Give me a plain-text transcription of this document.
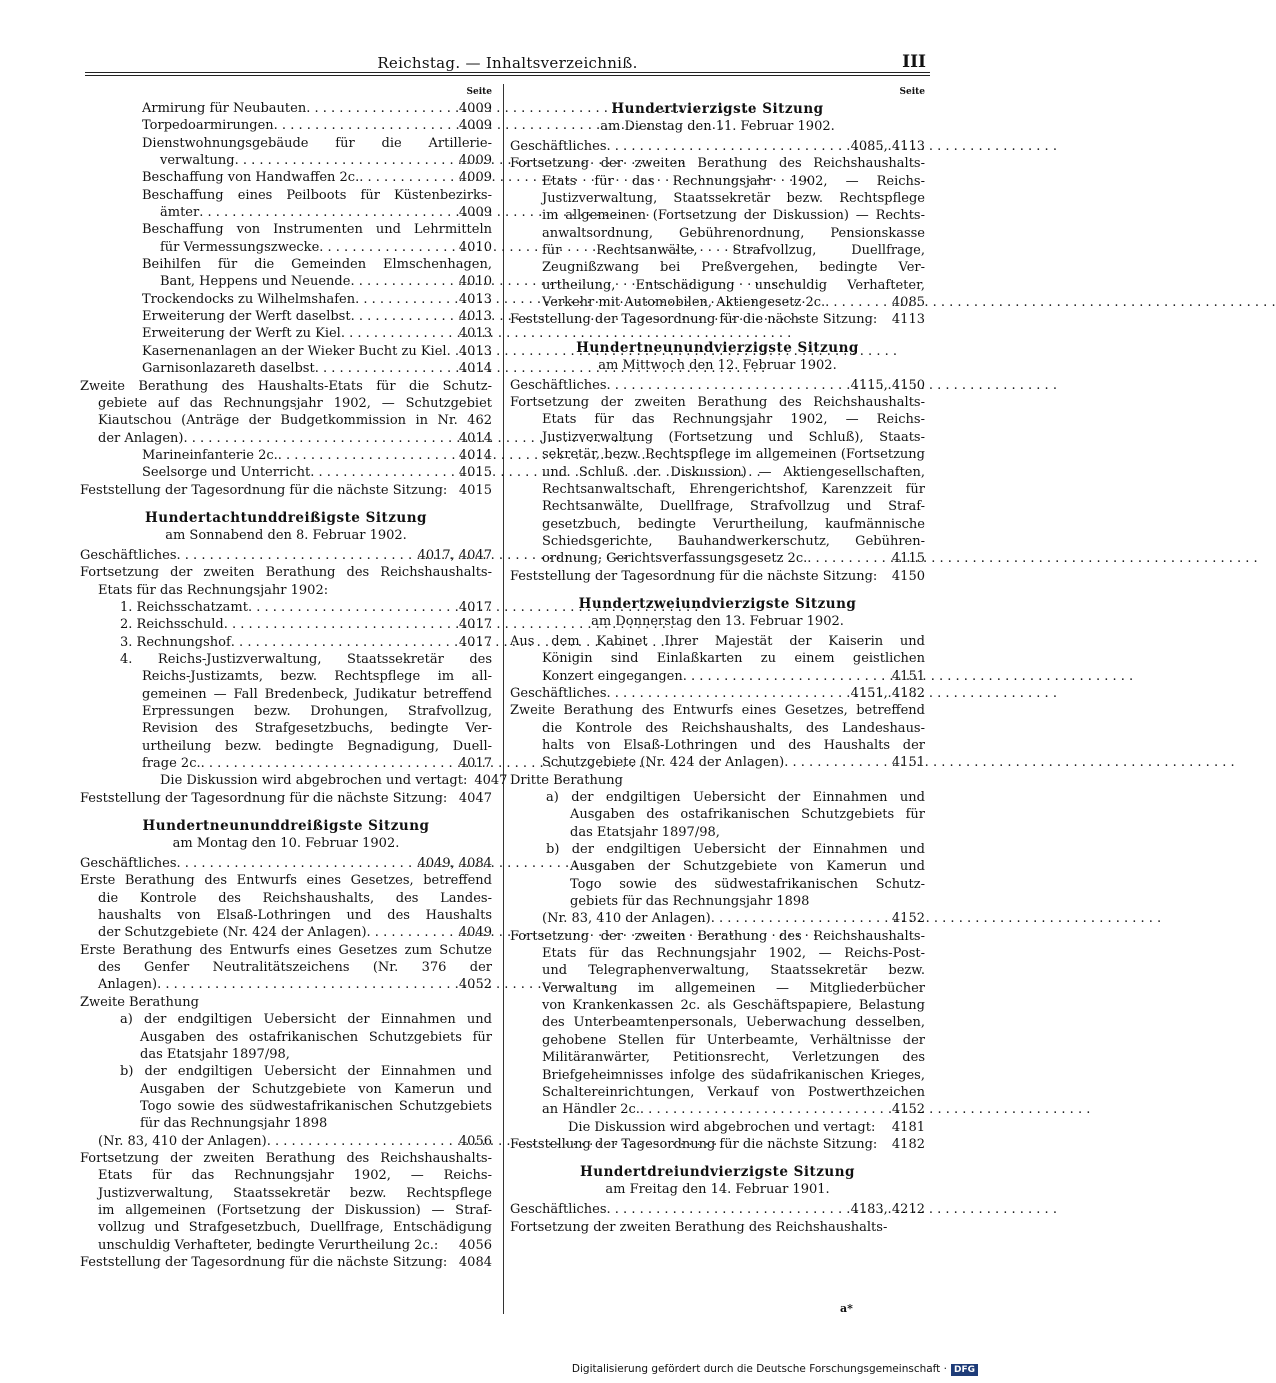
Reichstag. — Inhaltsverzeichniß.	III
Seite
Armirung für Neubauten . . .	4009
Torpedoarmirungen . . .	4009
Dienstwohnungsgebäude für die Artillerie-
verwaltung . . .	4009
Beschaffung von Handwaffen 2c. . . .	4009
Beschaffung eines Peilboots für Küstenbezirks-
ämter . . .	4009
Beschaffung von Instrumenten und Lehrmitteln
für Vermessungszwecke . . .	4010
Beihilfen für die Gemeinden Elmschenhagen,
Bant, Heppens und Neuende . . .	4010
Trockendocks zu Wilhelmshafen . . .	4013
Erweiterung der Werft daselbst . . .	4013
Erweiterung der Werft zu Kiel . . .	4013
Kasernenanlagen an der Wieker Bucht zu Kiel . . . 4013
Garnisonlazareth daselbst . . .	4014
Zweite Berathung des Haushalts-Etats für die Schutz-
gebiete auf das Rechnungsjahr 1902, — Schutzgebiet
Kiautschou (Anträge der Budgetkommission in Nr. 462
der Anlagen) . . .	4014
Marineinfanterie 2c. . . .	4014
Seelsorge und Unterricht . . .	4015
Feststellung der Tagesordnung für die nächste Sitzung: 4015
Hundertachtunddreißigste Sitzung
am Sonnabend den 8. Februar 1902.
Geschäftliches . . .	4017, 4047
Fortsetzung der zweiten Berathung des Reichshaushalts-
Etats für das Rechnungsjahr 1902:
1. Reichsschatzamt . . .	4017
2. Reichsschuld . . .	4017
3. Rechnungshof . . .	4017
4. Reichs-Justizverwaltung, Staatssekretär des
Reichs-Justizamts, bezw. Rechtspflege im all-
gemeinen — Fall Bredenbeck, Judikatur betreffend
Erpressungen bezw. Drohungen, Strafvollzug,
Revision des Strafgesetzbuchs, bedingte Ver-
urtheilung bezw. bedingte Begnadigung, Duell-
frage 2c. . . .	4017
Die Diskussion wird abgebrochen und vertagt: 4047
Feststellung der Tagesordnung für die nächste Sitzung: 4047
Hundertneununddreißigste Sitzung
am Montag den 10. Februar 1902.
Geschäftliches . . .	4049, 4084
Erste Berathung des Entwurfs eines Gesetzes, betreffend
die Kontrole des Reichshaushalts, des Landes-
haushalts von Elsaß-Lothringen und des Haushalts
der Schutzgebiete (Nr. 424 der Anlagen) . . .	4049
Erste Berathung des Entwurfs eines Gesetzes zum Schutze
des Genfer Neutralitätszeichens (Nr. 376 der
Anlagen) . . .	4052
Zweite Berathung
a) der endgiltigen Uebersicht der Einnahmen und
Ausgaben des ostafrikanischen Schutzgebiets für
das Etatsjahr 1897/98,
b) der endgiltigen Uebersicht der Einnahmen und
Ausgaben der Schutzgebiete von Kamerun und
Togo sowie des südwestafrikanischen Schutzgebiets
für das Rechnungsjahr 1898
(Nr. 83, 410 der Anlagen) . . .	4056
Fortsetzung der zweiten Berathung des Reichshaushalts-
Etats für das Rechnungsjahr 1902, — Reichs-
Justizverwaltung, Staatssekretär bezw. Rechtspflege
im allgemeinen (Fortsetzung der Diskussion) — Straf-
vollzug und Strafgesetzbuch, Duellfrage, Entschädigung
unschuldig Verhafteter, bedingte Verurtheilung 2c.: 4056
Feststellung der Tagesordnung für die nächste Sitzung: 4084
Seite
Hundertvierzigste Sitzung
am Dienstag den 11. Februar 1902.
Geschäftliches . . .	4085, 4113
Fortsetzung der zweiten Berathung des Reichshaushalts-
Etats für das Rechnungsjahr 1902, — Reichs-
Justizverwaltung, Staatssekretär bezw. Rechtspflege
im allgemeinen (Fortsetzung der Diskussion) — Rechts-
anwaltsordnung, Gebührenordnung, Pensionskasse
für Rechtsanwälte, Strafvollzug, Duellfrage,
Zeugnißzwang bei Preßvergehen, bedingte Ver-
urtheilung, Entschädigung unschuldig Verhafteter,
Verkehr mit Automobilen, Aktiengesetz 2c. . . .	4085
Feststellung der Tagesordnung für die nächste Sitzung: 4113
Hundertneunundvierzigste Sitzung
am Mittwoch den 12. Februar 1902.
Geschäftliches . . .	4115, 4150
Fortsetzung der zweiten Berathung des Reichshaushalts-
Etats für das Rechnungsjahr 1902, — Reichs-
Justizverwaltung (Fortsetzung und Schluß), Staats-
sekretär, bezw. Rechtspflege im allgemeinen (Fortsetzung
und Schluß der Diskussion) — Aktiengesellschaften,
Rechtsanwaltschaft, Ehrengerichtshof, Karenzzeit für
Rechtsanwälte, Duellfrage, Strafvollzug und Straf-
gesetzbuch, bedingte Verurtheilung, kaufmännische
Schiedsgerichte, Bauhandwerkerschutz, Gebühren-
ordnung, Gerichtsverfassungsgesetz 2c. . . .	4115
Feststellung der Tagesordnung für die nächste Sitzung: 4150
Hundertzweiundvierzigste Sitzung
am Donnerstag den 13. Februar 1902.
Aus dem Kabinet Ihrer Majestät der Kaiserin und
Königin sind Einlaßkarten zu einem geistlichen
Konzert eingegangen . . .	4151
Geschäftliches . . .	4151, 4182
Zweite Berathung des Entwurfs eines Gesetzes, betreffend
die Kontrole des Reichshaushalts, des Landeshaus-
halts von Elsaß-Lothringen und des Haushalts der
Schutzgebiete (Nr. 424 der Anlagen) . . .	4151
Dritte Berathung
a) der endgiltigen Uebersicht der Einnahmen und
Ausgaben des ostafrikanischen Schutzgebiets für
das Etatsjahr 1897/98,
b) der endgiltigen Uebersicht der Einnahmen und
Ausgaben der Schutzgebiete von Kamerun und
Togo sowie des südwestafrikanischen Schutz-
gebiets für das Rechnungsjahr 1898
(Nr. 83, 410 der Anlagen) . . .	4152
Fortsetzung der zweiten Berathung des Reichshaushalts-
Etats für das Rechnungsjahr 1902, — Reichs-Post-
und Telegraphenverwaltung, Staatssekretär bezw.
Verwaltung im allgemeinen — Mitgliederbücher
von Krankenkassen 2c. als Geschäftspapiere, Belastung
des Unterbeamtenpersonals, Ueberwachung desselben,
gehobene Stellen für Unterbeamte, Verhältnisse der
Militäranwärter, Petitionsrecht, Verletzungen des
Briefgeheimnisses infolge des südafrikanischen Krieges,
Schaltereinrichtungen, Verkauf von Postwerthzeichen
an Händler 2c. . . .	4152
Die Diskussion wird abgebrochen und vertagt: 4181
Feststellung der Tagesordnung für die nächste Sitzung: 4182
Hundertdreiundvierzigste Sitzung
am Freitag den 14. Februar 1901.
Geschäftliches . . .	4183, 4212
Fortsetzung der zweiten Berathung des Reichshaushalts-
a*
Digitalisierung gefördert durch die Deutsche Forschungsgemeinschaft · DFG
